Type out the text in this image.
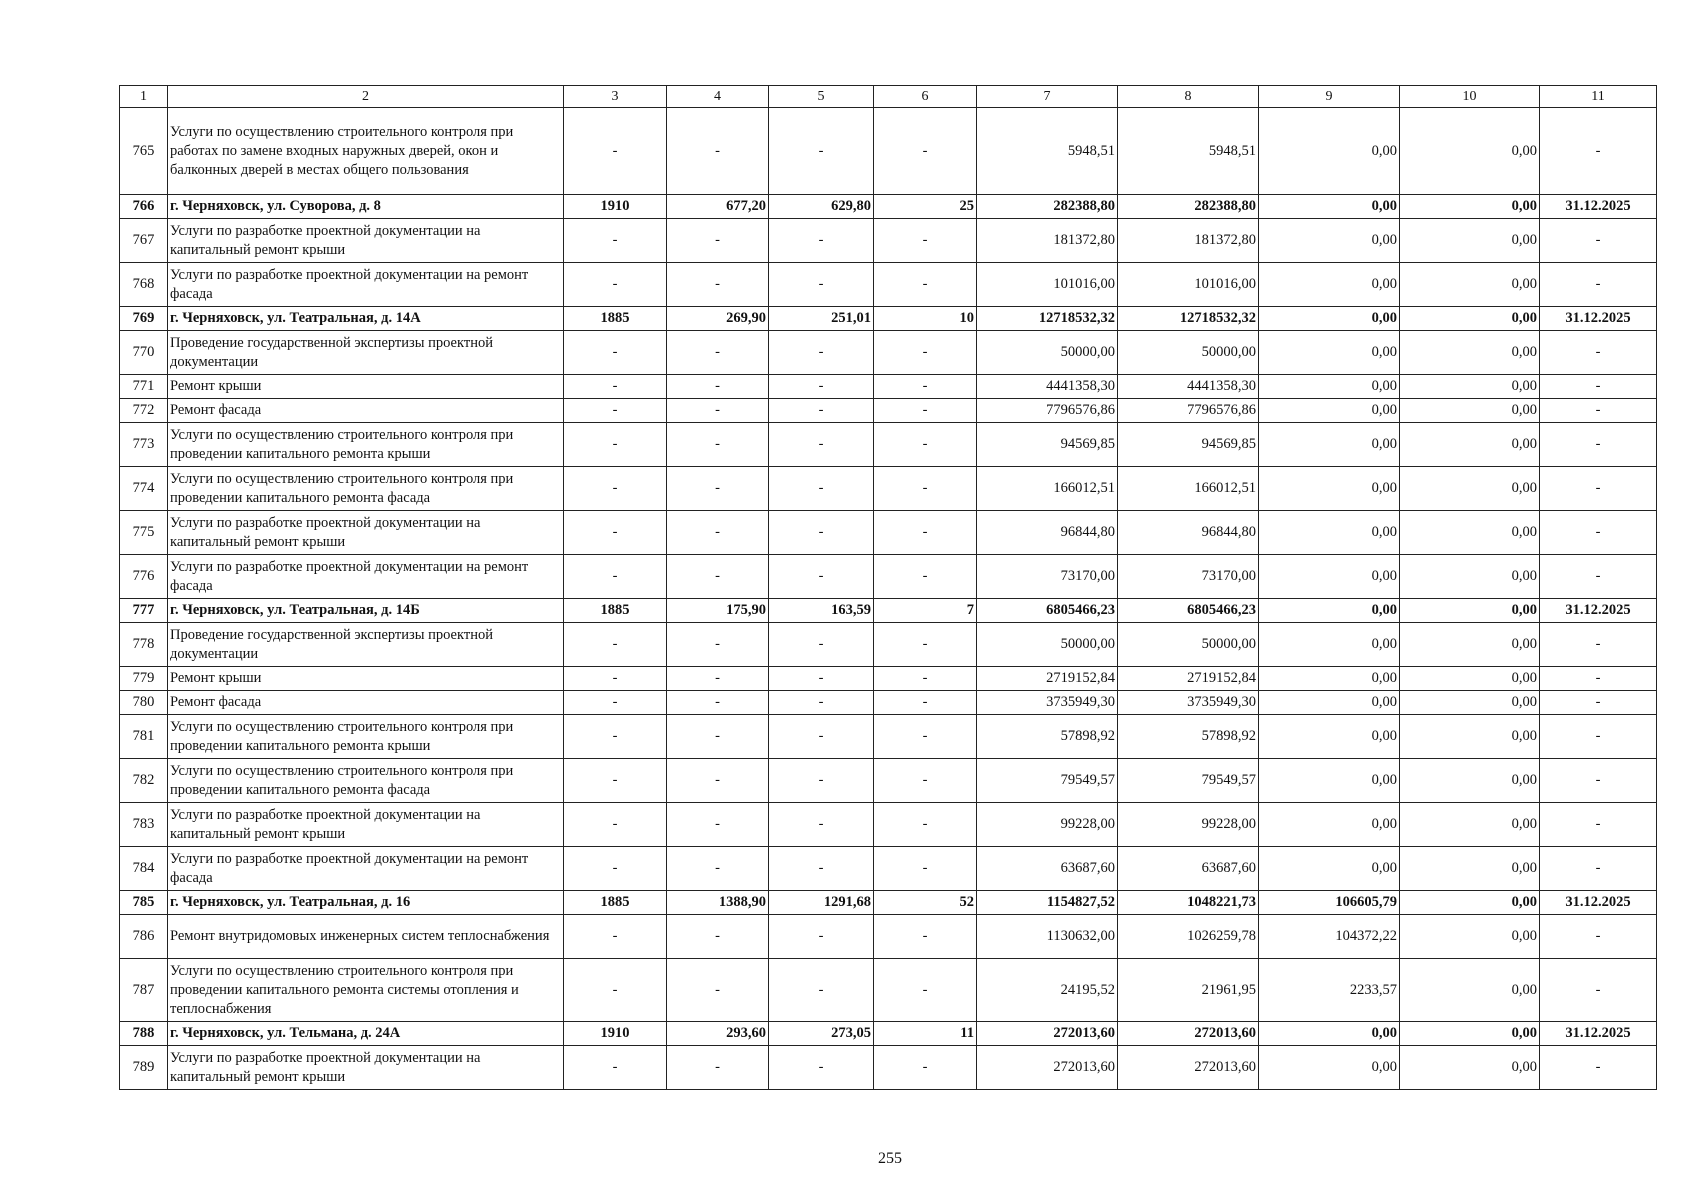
1	2	3	4	5	6	7	8	9	10	11
765	Услуги по осуществлению строительного контроля при работах по замене входных наружных дверей, окон и балконных дверей в местах общего пользования	-	-	-	-	5948,51	5948,51	0,00	0,00	-
766	г. Черняховск, ул. Суворова, д. 8	1910	677,20	629,80	25	282388,80	282388,80	0,00	0,00	31.12.2025
767	Услуги по разработке проектной документации на капитальный ремонт крыши	-	-	-	-	181372,80	181372,80	0,00	0,00	-
768	Услуги по разработке проектной документации на ремонт фасада	-	-	-	-	101016,00	101016,00	0,00	0,00	-
769	г. Черняховск, ул. Театральная, д. 14А	1885	269,90	251,01	10	12718532,32	12718532,32	0,00	0,00	31.12.2025
770	Проведение государственной экспертизы проектной документации	-	-	-	-	50000,00	50000,00	0,00	0,00	-
771	Ремонт крыши	-	-	-	-	4441358,30	4441358,30	0,00	0,00	-
772	Ремонт фасада	-	-	-	-	7796576,86	7796576,86	0,00	0,00	-
773	Услуги по осуществлению строительного контроля при проведении капитального ремонта крыши	-	-	-	-	94569,85	94569,85	0,00	0,00	-
774	Услуги по осуществлению строительного контроля при проведении капитального ремонта фасада	-	-	-	-	166012,51	166012,51	0,00	0,00	-
775	Услуги по разработке проектной документации на капитальный ремонт крыши	-	-	-	-	96844,80	96844,80	0,00	0,00	-
776	Услуги по разработке проектной документации на ремонт фасада	-	-	-	-	73170,00	73170,00	0,00	0,00	-
777	г. Черняховск, ул. Театральная, д. 14Б	1885	175,90	163,59	7	6805466,23	6805466,23	0,00	0,00	31.12.2025
778	Проведение государственной экспертизы проектной документации	-	-	-	-	50000,00	50000,00	0,00	0,00	-
779	Ремонт крыши	-	-	-	-	2719152,84	2719152,84	0,00	0,00	-
780	Ремонт фасада	-	-	-	-	3735949,30	3735949,30	0,00	0,00	-
781	Услуги по осуществлению строительного контроля при проведении капитального ремонта крыши	-	-	-	-	57898,92	57898,92	0,00	0,00	-
782	Услуги по осуществлению строительного контроля при проведении капитального ремонта фасада	-	-	-	-	79549,57	79549,57	0,00	0,00	-
783	Услуги по разработке проектной документации на капитальный ремонт крыши	-	-	-	-	99228,00	99228,00	0,00	0,00	-
784	Услуги по разработке проектной документации на ремонт фасада	-	-	-	-	63687,60	63687,60	0,00	0,00	-
785	г. Черняховск, ул. Театральная, д. 16	1885	1388,90	1291,68	52	1154827,52	1048221,73	106605,79	0,00	31.12.2025
786	Ремонт внутридомовых инженерных систем теплоснабжения	-	-	-	-	1130632,00	1026259,78	104372,22	0,00	-
787	Услуги по осуществлению строительного контроля при проведении капитального ремонта системы отопления и теплоснабжения	-	-	-	-	24195,52	21961,95	2233,57	0,00	-
788	г. Черняховск, ул. Тельмана, д. 24А	1910	293,60	273,05	11	272013,60	272013,60	0,00	0,00	31.12.2025
789	Услуги по разработке проектной документации на капитальный ремонт крыши	-	-	-	-	272013,60	272013,60	0,00	0,00	-
255
